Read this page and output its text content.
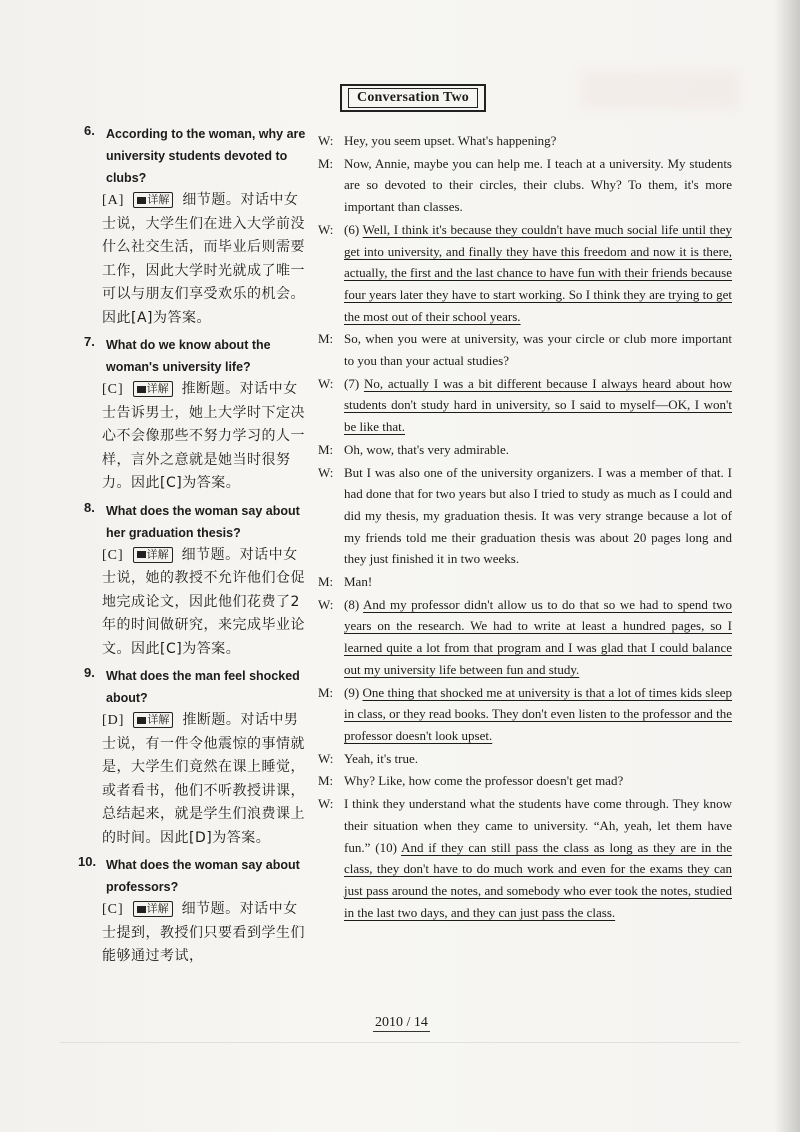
Conversation Two
6. According to the woman, why are university students devoted to clubs?
[A] 详解 细节题。对话中女士说，大学生们在进入大学前没什么社交生活，而毕业后则需要工作，因此大学时光就成了唯一可以与朋友们享受欢乐的机会。因此[A]为答案。
7. What do we know about the woman's university life?
[C] 详解 推断题。对话中女士告诉男士，她上大学时下定决心不会像那些不努力学习的人一样，言外之意就是她当时很努力。因此[C]为答案。
8. What does the woman say about her graduation thesis?
[C] 详解 细节题。对话中女士说，她的教授不允许他们仓促地完成论文，因此他们花费了2年的时间做研究，来完成毕业论文。因此[C]为答案。
9. What does the man feel shocked about?
[D] 详解 推断题。对话中男士说，有一件令他震惊的事情就是，大学生们竟然在课上睡觉，或者看书，他们不听教授讲课，总结起来，就是学生们浪费课上的时间。因此[D]为答案。
10. What does the woman say about professors?
[C] 详解 细节题。对话中女士提到，教授们只要看到学生们能够通过考试，
W: Hey, you seem upset. What's happening?
M: Now, Annie, maybe you can help me. I teach at a university. My students are so devoted to their circles, their clubs. Why? To them, it's more important than classes.
W: (6) Well, I think it's because they couldn't have much social life until they get into university, and finally they have this freedom and now it is there, actually, the first and the last chance to have fun with their friends because four years later they have to start working. So I think they are trying to get the most out of their school years.
M: So, when you were at university, was your circle or club more important to you than your actual studies?
W: (7) No, actually I was a bit different because I always heard about how students don't study hard in university, so I said to myself—OK, I won't be like that.
M: Oh, wow, that's very admirable.
W: But I was also one of the university organizers. I was a member of that. I had done that for two years but also I tried to study as much as I could and did my thesis, my graduation thesis. It was very strange because a lot of my friends told me their graduation thesis was about 20 pages long and they just finished it in two weeks.
M: Man!
W: (8) And my professor didn't allow us to do that so we had to spend two years on the research. We had to write at least a hundred pages, so I learned quite a lot from that program and I was glad that I could balance out my university life between fun and study.
M: (9) One thing that shocked me at university is that a lot of times kids sleep in class, or they read books. They don't even listen to the professor and the professor doesn't look upset.
W: Yeah, it's true.
M: Why? Like, how come the professor doesn't get mad?
W: I think they understand what the students have come through. They know their situation when they came to university. “Ah, yeah, let them have fun.” (10) And if they can still pass the class as long as they are in the class, they don't have to do much work and even for the exams they can just pass around the notes, and somebody who ever took the notes, studied in the last two days, and they can just pass the class.
2010 / 14
